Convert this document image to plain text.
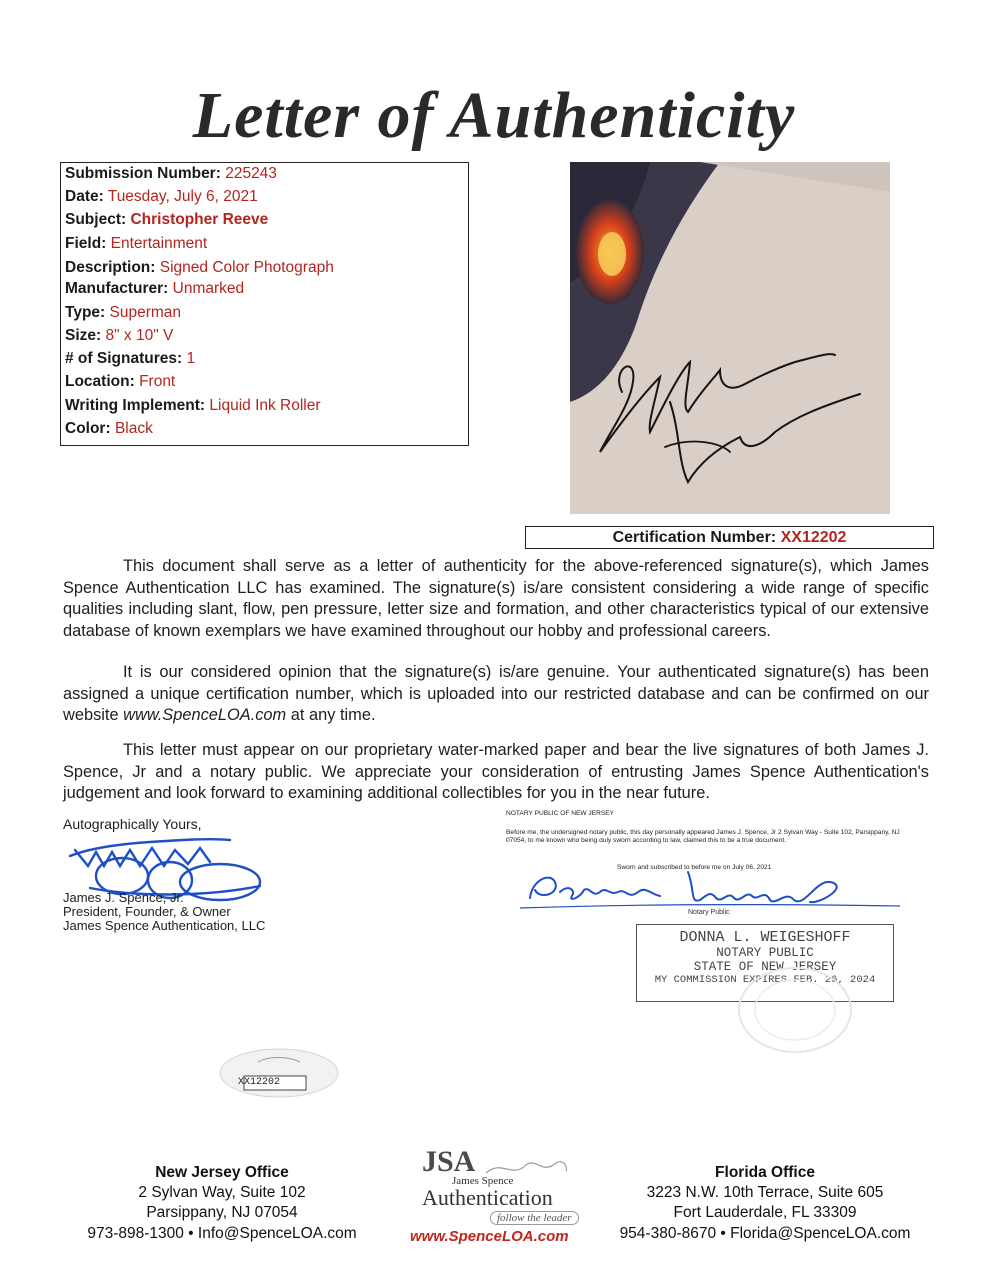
Letter of Authenticity
Submission Number: 225243
Date: Tuesday, July 6, 2021
Subject: Christopher Reeve
Field: Entertainment
Description: Signed Color Photograph
Manufacturer: Unmarked
Type: Superman
Size: 8" x 10" V
# of Signatures: 1
Location: Front
Writing Implement: Liquid Ink Roller
Color: Black
Certification Number: XX12202
This document shall serve as a letter of authenticity for the above-referenced signature(s), which James Spence Authentication LLC has examined. The signature(s) is/are consistent considering a wide range of specific qualities including slant, flow, pen pressure, letter size and formation, and other characteristics typical of our extensive database of known exemplars we have examined throughout our hobby and professional careers.
It is our considered opinion that the signature(s) is/are genuine. Your authenticated signature(s) has been assigned a unique certification number, which is uploaded into our restricted database and can be confirmed on our website www.SpenceLOA.com at any time.
This letter must appear on our proprietary water-marked paper and bear the live signatures of both James J. Spence, Jr and a notary public. We appreciate your consideration of entrusting James Spence Authentication's judgement and look forward to examining additional collectibles for you in the near future.
Autographically Yours,
James J. Spence, Jr.
President, Founder, & Owner
James Spence Authentication, LLC
NOTARY PUBLIC OF NEW JERSEY
Before me, the undersigned notary public, this day personally appeared James J. Spence, Jr 2 Sylvan Way - Suite 102, Parsippany, NJ 07054, to me known who being duly sworn according to law, claimed this to be a true document.
Sworn and subscribed to before me on July 06, 2021
Notary Public
DONNA L. WEIGESHOFF
NOTARY PUBLIC
STATE OF NEW JERSEY
MY COMMISSION EXPIRES FEB. 26, 2024
XX12202
New Jersey Office
2 Sylvan Way, Suite 102
Parsippany, NJ 07054
973-898-1300 • Info@SpenceLOA.com
JSA
James Spence
Authentication
follow the leader
www.SpenceLOA.com
Florida Office
3223 N.W. 10th Terrace, Suite 605
Fort Lauderdale, FL 33309
954-380-8670 • Florida@SpenceLOA.com
